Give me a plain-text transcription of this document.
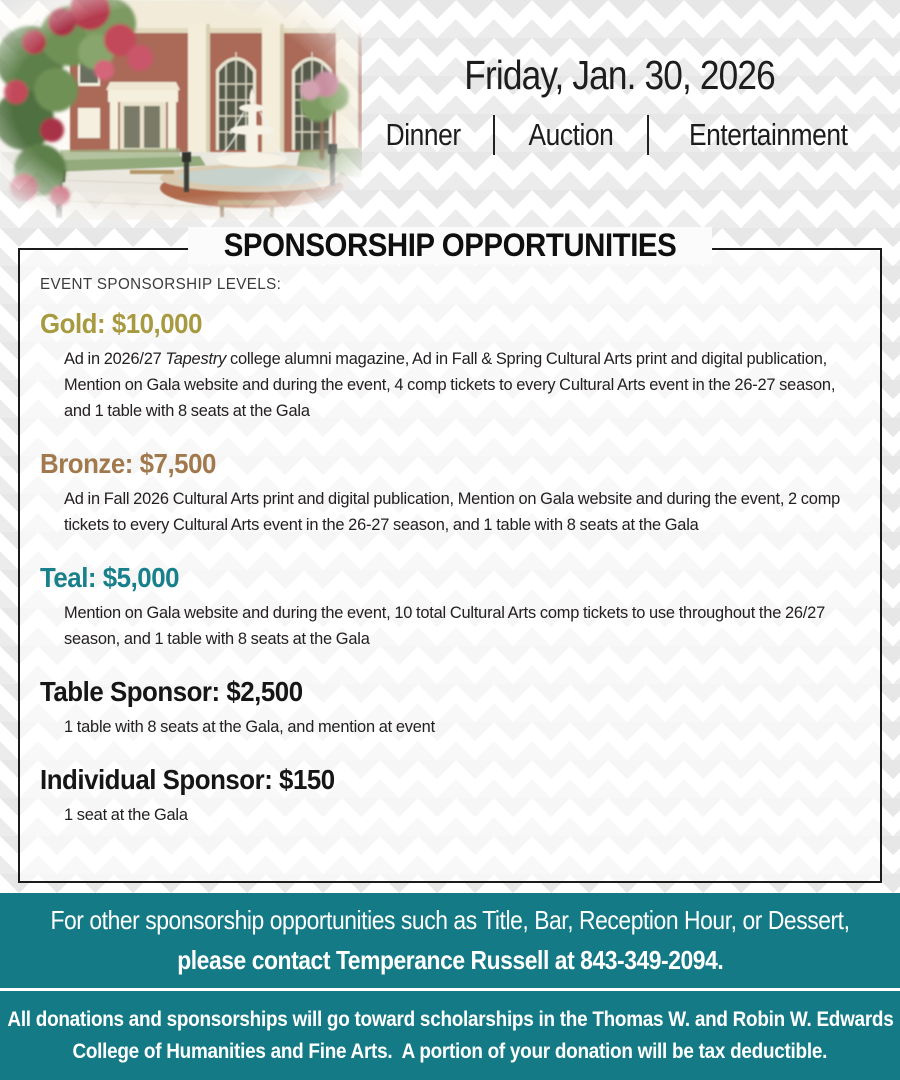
Friday, Jan. 30, 2026
Dinner Auction Entertainment
SPONSORSHIP OPPORTUNITIES
EVENT SPONSORSHIP LEVELS:
Gold: $10,000

Ad in 2026/27 Tapestry college alumni magazine, Ad in Fall & Spring Cultural Arts print and digital publication, Mention on Gala website and during the event, 4 comp tickets to every Cultural Arts event in the 26-27 season, and 1 table with 8 seats at the Gala

Bronze: $7,500

Ad in Fall 2026 Cultural Arts print and digital publication, Mention on Gala website and during the event, 2 comp tickets to every Cultural Arts event in the 26-27 season, and 1 table with 8 seats at the Gala

Teal: $5,000

Mention on Gala website and during the event, 10 total Cultural Arts comp tickets to use throughout the 26/27 season, and 1 table with 8 seats at the Gala

Table Sponsor: $2,500

1 table with 8 seats at the Gala, and mention at event

Individual Sponsor: $150

1 seat at the Gala

For other sponsorship opportunities such as Title, Bar, Reception Hour, or Dessert,
please contact Temperance Russell at 843-349-2094.
All donations and sponsorships will go toward scholarships in the Thomas W. and Robin W. Edwards
College of Humanities and Fine Arts.  A portion of your donation will be tax deductible.
